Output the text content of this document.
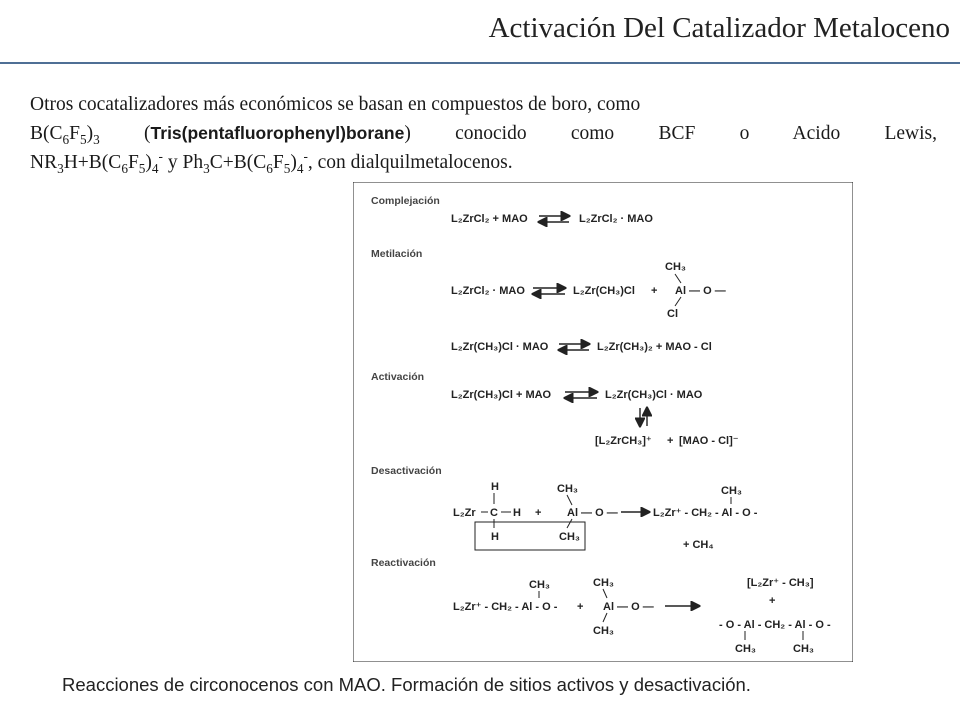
Activación Del Catalizador Metaloceno
Otros cocatalizadores más económicos se basan en compuestos de boro, como
$B(C_6F_5)_3$ (Tris(pentafluorophenyl)borane) conocido como BCF o Acido Lewis,
$NR_3H+B(C_6F_5)_4^-$ y $Ph_3C+B(C_6F_5)_4^-$, con dialquilmetalocenos.
Complejación
L₂ZrCl₂ + MAO	L₂ZrCl₂ · MAO
Metilación
L₂ZrCl₂ · MAO	L₂Zr(CH₃)Cl +
CH₃
Al — O —
Cl
L₂Zr(CH₃)Cl · MAO	L₂Zr(CH₃)₂ + MAO - Cl
Activación
L₂Zr(CH₃)Cl + MAO	L₂Zr(CH₃)Cl · MAO
[L₂ZrCH₃]⁺ + [MAO - Cl]⁻
Desactivación
H
L₂Zr C H
H
+
CH₃
Al — O —
CH₃
CH₃
L₂Zr⁺ - CH₂ - Al - O -
+ CH₄
Reactivación
CH₃
L₂Zr⁺ - CH₂ - Al - O - +
CH₃
Al — O —
CH₃
[L₂Zr⁺ - CH₃]
+
- O - Al - CH₂ - Al - O -
CH₃	CH₃
Reacciones de circonocenos con MAO. Formación de sitios activos y desactivación.
